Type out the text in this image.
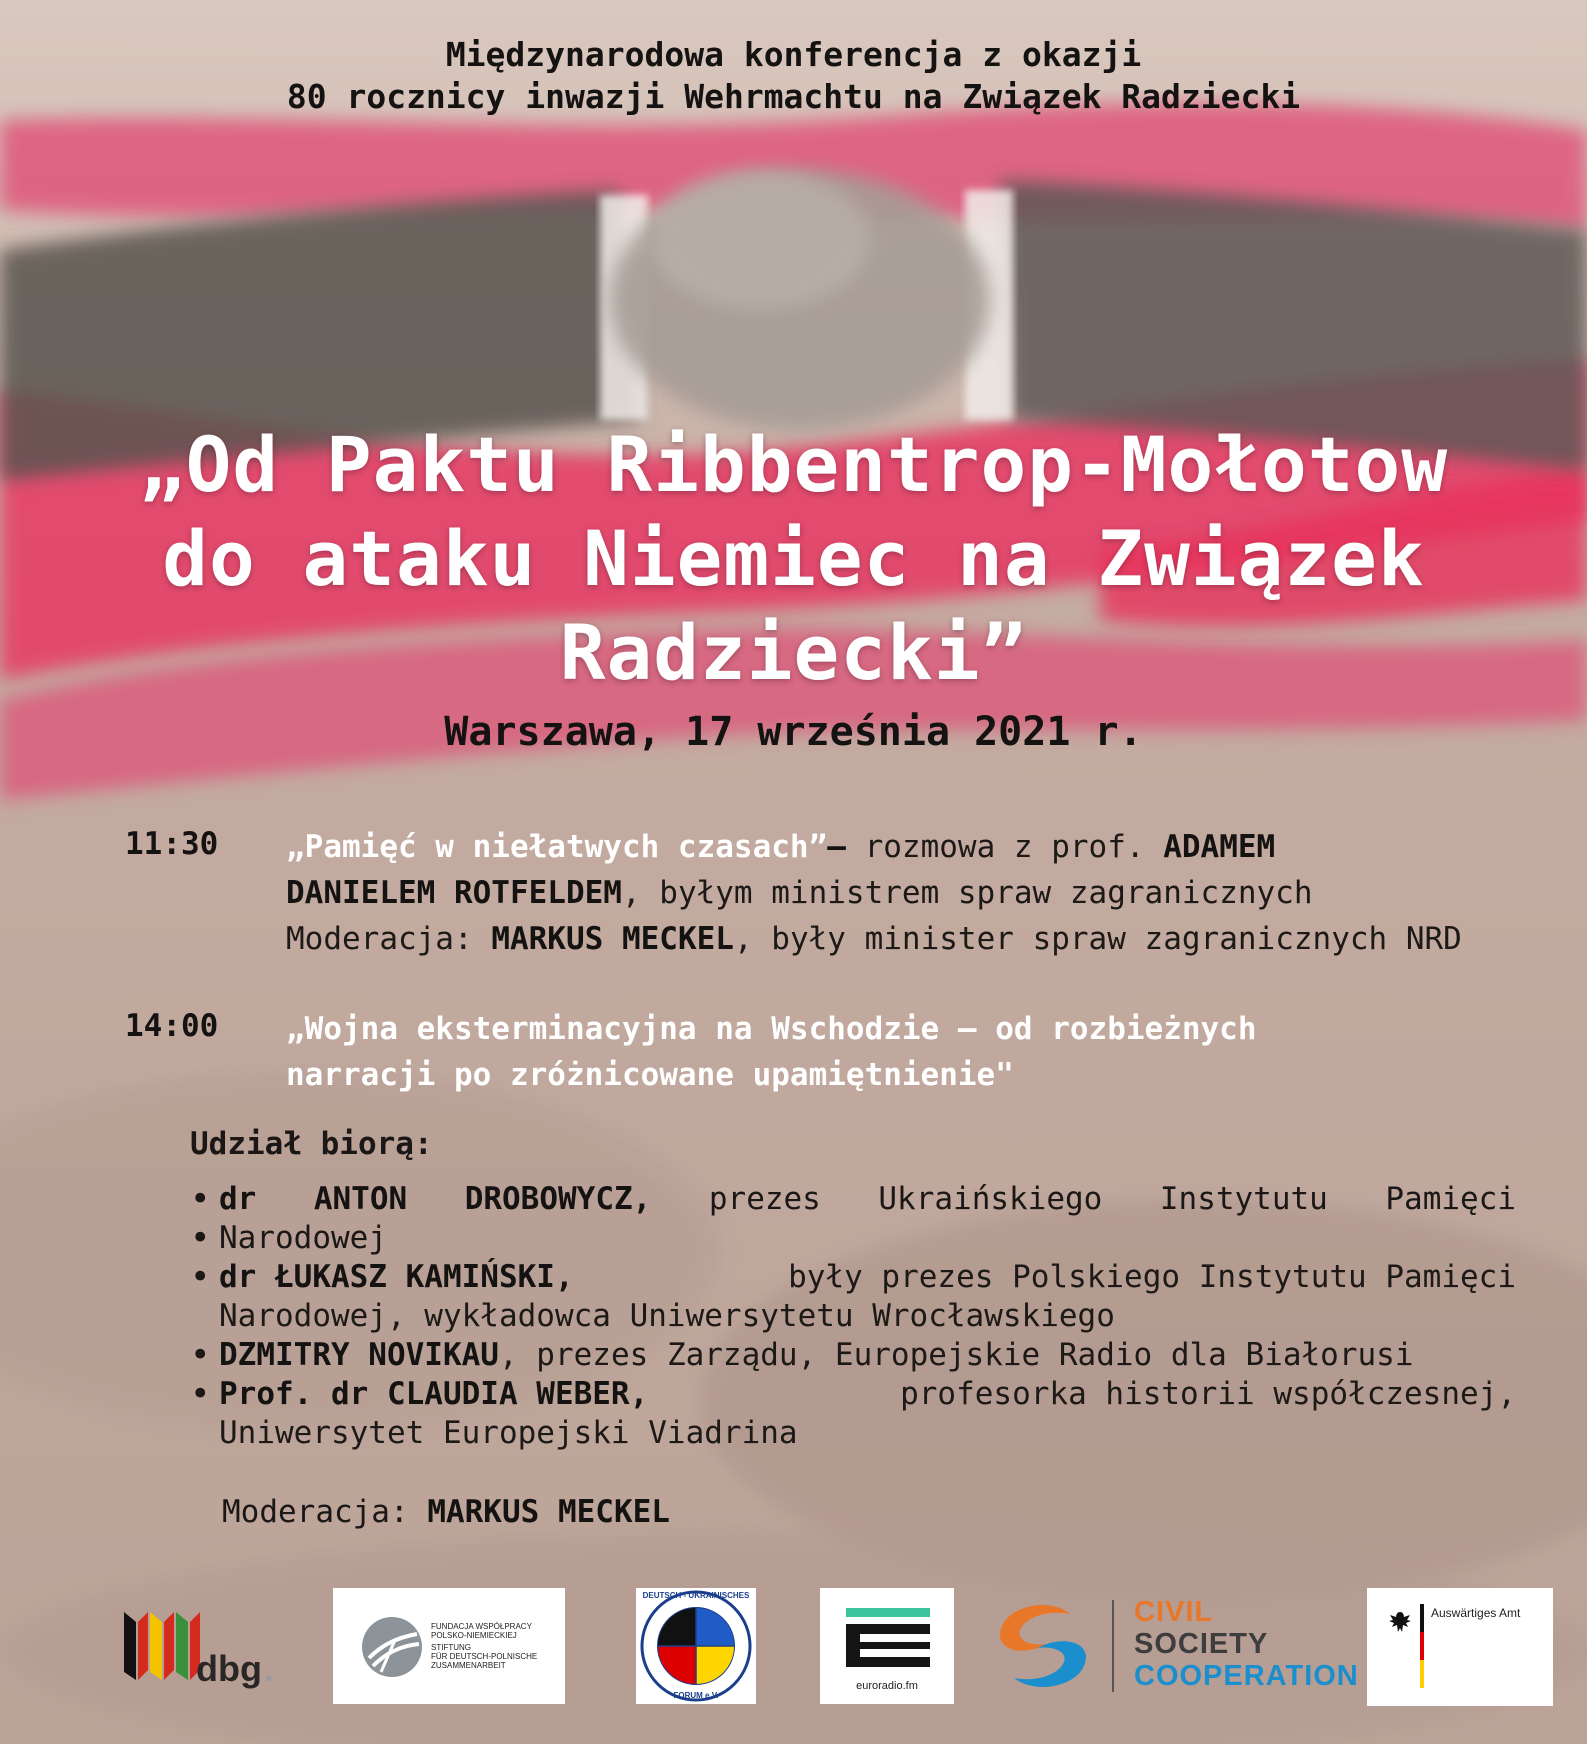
Międzynarodowa konferencja z okazji
80 rocznicy inwazji Wehrmachtu na Związek Radziecki
„Od Paktu Ribbentrop-Mołotow
do ataku Niemiec na Związek
Radziecki”
Warszawa, 17 września 2021 r.
11:30 „Pamięć w niełatwych czasach”– rozmowa z prof. ADAMEM
DANIELEM ROTFELDEM, byłym ministrem spraw zagranicznych
Moderacja: MARKUS MECKEL, były minister spraw zagranicznych NRD
14:00 „Wojna eksterminacyjna na Wschodzie – od rozbieżnych
narracji po zróżnicowane upamiętnienie"
Udział biorą:
• dr ANTON DROBOWYCZ, prezes Ukraińskiego Instytutu Pamięci
• Narodowej
• dr ŁUKASZ KAMIŃSKI,	były prezes Polskiego Instytutu Pamięci
Narodowej, wykładowca Uniwersytetu Wrocławskiego
• DZMITRY NOVIKAU, prezes Zarządu, Europejskie Radio dla Białorusi
• Prof. dr CLAUDIA WEBER,	profesorka historii współczesnej,
Uniwersytet Europejski Viadrina
Moderacja: MARKUS MECKEL
dbg .
FUNDACJA WSPÓŁPRACY
POLSKO-NIEMIECKIEJ
STIFTUNG
FÜR DEUTSCH-POLNISCHE
ZUSAMMENARBEIT
DEUTSCH - UKRAINISCHES
FORUM e.V.
euroradio.fm
CIVIL
SOCIETY
COOPERATION
Auswärtiges Amt
